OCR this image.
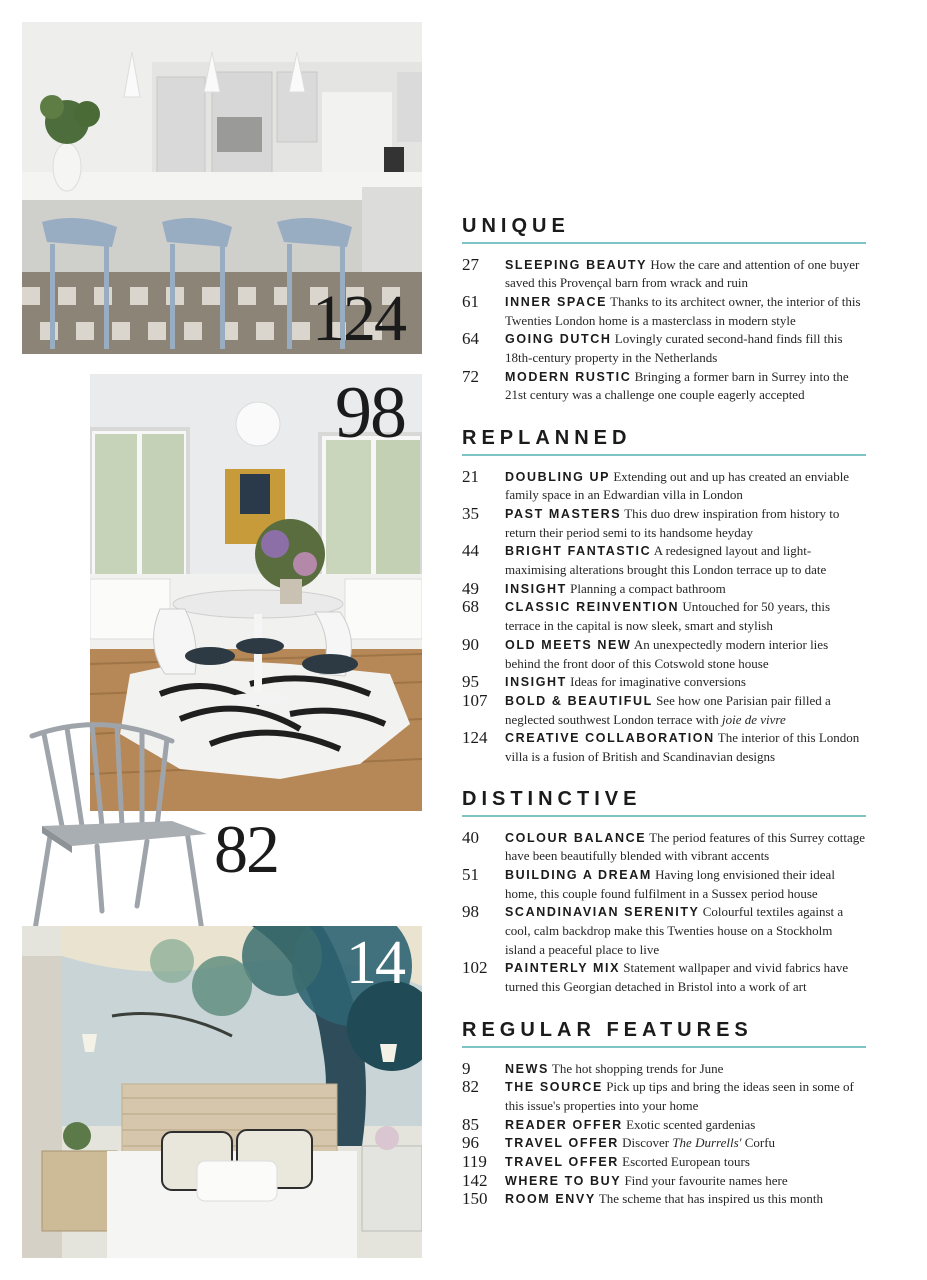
124
98
82
14
UNIQUE
27 SLEEPING BEAUTY How the care and attention of one buyer saved this Provençal barn from wrack and ruin
61 INNER SPACE Thanks to its architect owner, the interior of this Twenties London home is a masterclass in modern style
64 GOING DUTCH Lovingly curated second-hand finds fill this 18th-century property in the Netherlands
72 MODERN RUSTIC Bringing a former barn in Surrey into the 21st century was a challenge one couple eagerly accepted
REPLANNED
21 DOUBLING UP Extending out and up has created an enviable family space in an Edwardian villa in London
35 PAST MASTERS This duo drew inspiration from history to return their period semi to its handsome heyday
44 BRIGHT FANTASTIC A redesigned layout and light-maximising alterations brought this London terrace up to date
49 INSIGHT Planning a compact bathroom
68 CLASSIC REINVENTION Untouched for 50 years, this terrace in the capital is now sleek, smart and stylish
90 OLD MEETS NEW An unexpectedly modern interior lies behind the front door of this Cotswold stone house
95 INSIGHT Ideas for imaginative conversions
107 BOLD & BEAUTIFUL See how one Parisian pair filled a neglected southwest London terrace with joie de vivre
124 CREATIVE COLLABORATION The interior of this London villa is a fusion of British and Scandinavian designs
DISTINCTIVE
40 COLOUR BALANCE The period features of this Surrey cottage have been beautifully blended with vibrant accents
51 BUILDING A DREAM Having long envisioned their ideal home, this couple found fulfilment in a Sussex period house
98 SCANDINAVIAN SERENITY Colourful textiles against a cool, calm backdrop make this Twenties house on a Stockholm island a peaceful place to live
102 PAINTERLY MIX Statement wallpaper and vivid fabrics have turned this Georgian detached in Bristol into a work of art
REGULAR FEATURES
9	NEWS The hot shopping trends for June
82 THE SOURCE Pick up tips and bring the ideas seen in some of this issue's properties into your home
85 READER OFFER Exotic scented gardenias
96 TRAVEL OFFER Discover The Durrells' Corfu
119 TRAVEL OFFER Escorted European tours
142 WHERE TO BUY Find your favourite names here
150 ROOM ENVY The scheme that has inspired us this month
